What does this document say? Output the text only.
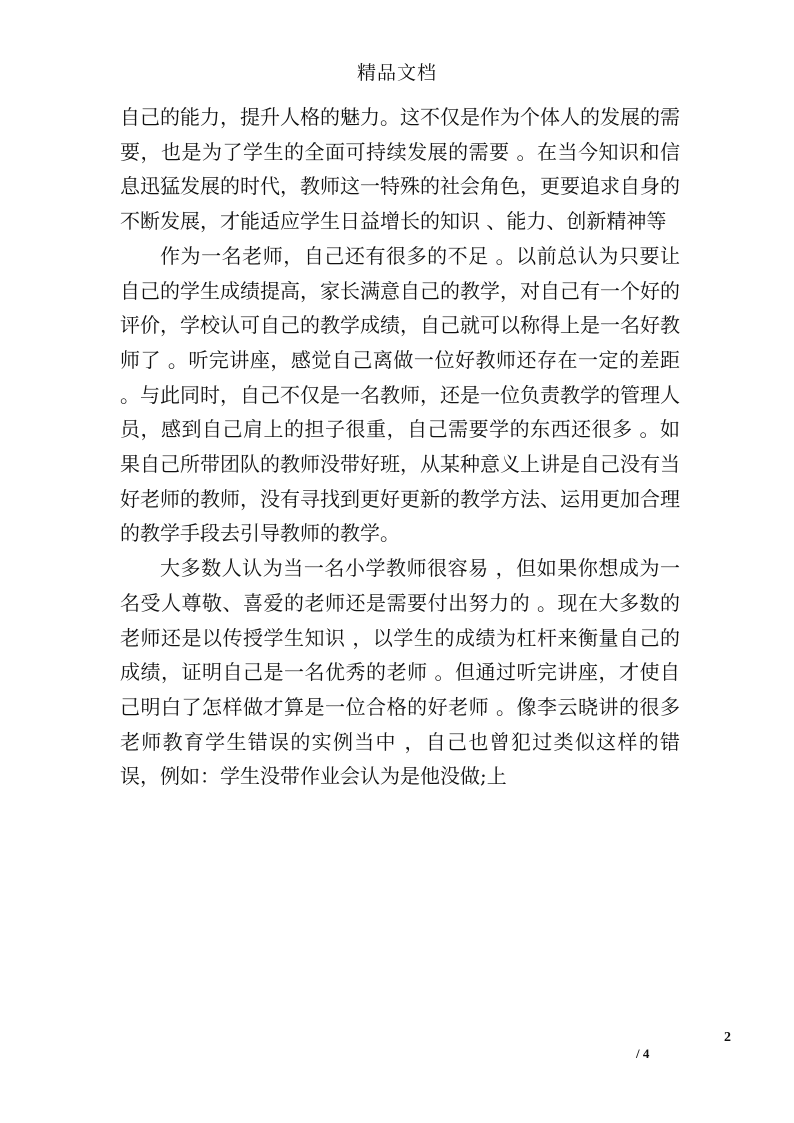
精品文档

自己的能力，提升人格的魅力。这不仅是作为个体人的发展的需要，也是为了学生的全面可持续发展的需要 。在当今知识和信息迅猛发展的时代，教师这一特殊的社会角色，更要追求自身的不断发展，才能适应学生日益增长的知识 、能力、创新精神等

作为一名老师，自己还有很多的不足 。以前总认为只要让自己的学生成绩提高，家长满意自己的教学，对自己有一个好的评价，学校认可自己的教学成绩，自己就可以称得上是一名好教师了 。听完讲座，感觉自己离做一位好教师还存在一定的差距 。与此同时，自己不仅是一名教师，还是一位负责教学的管理人员，感到自己肩上的担子很重，自己需要学的东西还很多 。如果自己所带团队的教师没带好班，从某种意义上讲是自己没有当好老师的教师，没有寻找到更好更新的教学方法、运用更加合理的教学手段去引导教师的教学。

大多数人认为当一名小学教师很容易 ，但如果你想成为一名受人尊敬、喜爱的老师还是需要付出努力的 。现在大多数的老师还是以传授学生知识 ，以学生的成绩为杠杆来衡量自己的成绩，证明自己是一名优秀的老师 。但通过听完讲座，才使自己明白了怎样做才算是一位合格的好老师 。像李云晓讲的很多老师教育学生错误的实例当中 ，自己也曾犯过类似这样的错误，例如：学生没带作业会认为是他没做;上

2
/ 4
